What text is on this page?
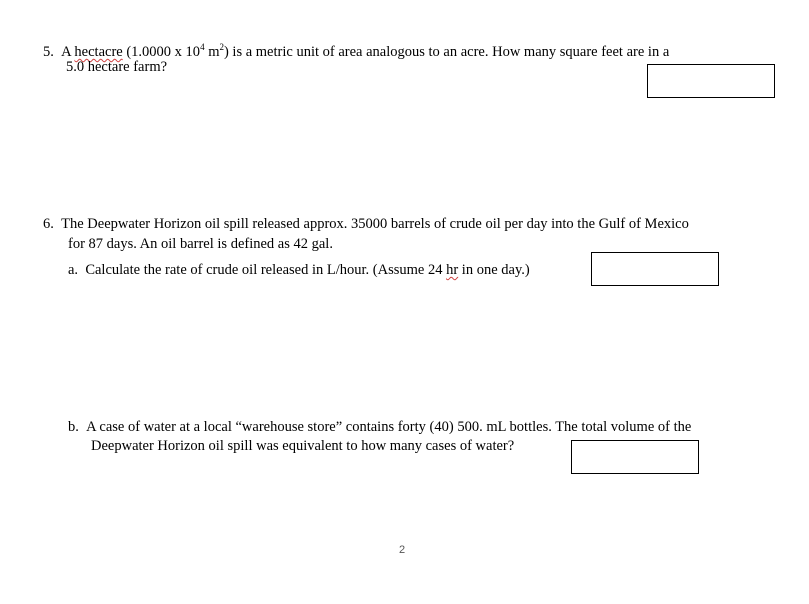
5. A hectacre (1.0000 x $10^4$ $m^2$) is a metric unit of area analogous to an acre. How many square feet are in a
5.0 hectare farm?
6. The Deepwater Horizon oil spill released approx. 35000 barrels of crude oil per day into the Gulf of Mexico
for 87 days. An oil barrel is defined as 42 gal.
a. Calculate the rate of crude oil released in L/hour. (Assume 24 hr in one day.)
b. A case of water at a local “warehouse store” contains forty (40) 500. mL bottles. The total volume of the
Deepwater Horizon oil spill was equivalent to how many cases of water?
2
